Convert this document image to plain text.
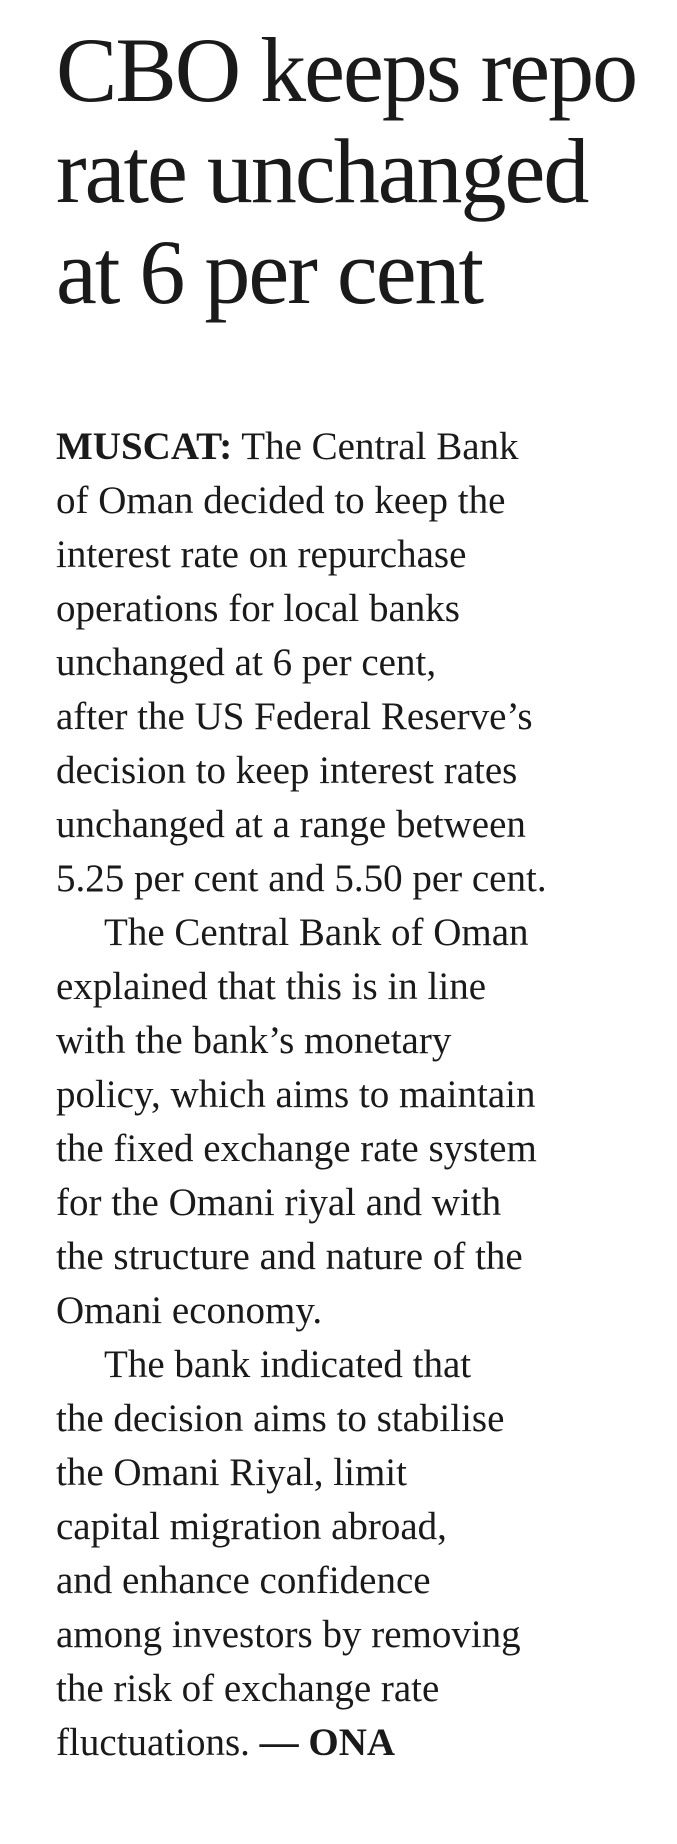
CBO keeps repo
rate unchanged
at 6 per cent
MUSCAT: The Central Bank
of Oman decided to keep the
interest rate on repurchase
operations for local banks
unchanged at 6 per cent,
after the US Federal Reserve’s
decision to keep interest rates
unchanged at a range between
5.25 per cent and 5.50 per cent.
The Central Bank of Oman
explained that this is in line
with the bank’s monetary
policy, which aims to maintain
the fixed exchange rate system
for the Omani riyal and with
the structure and nature of the
Omani economy.
The bank indicated that
the decision aims to stabilise
the Omani Riyal, limit
capital migration abroad,
and enhance confidence
among investors by removing
the risk of exchange rate
fluctuations. — ONA
